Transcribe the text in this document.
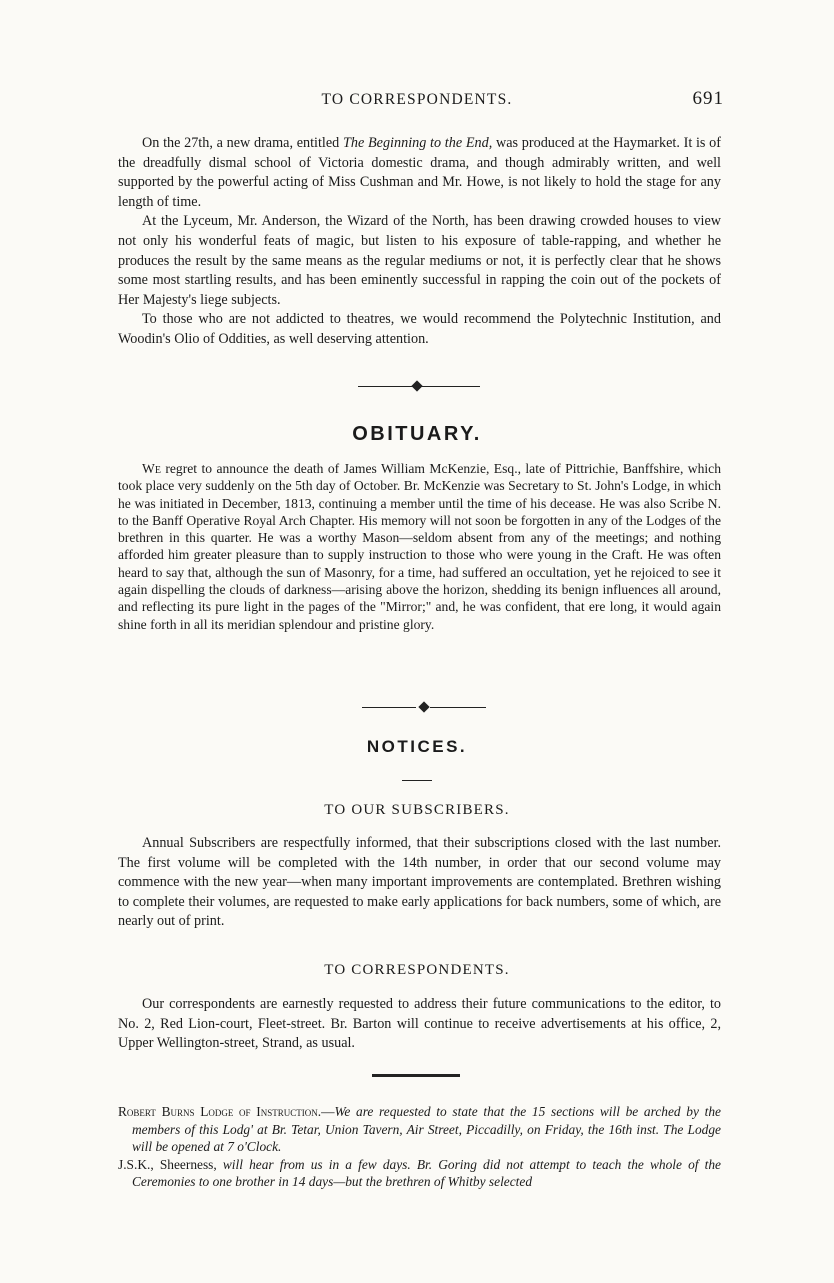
TO CORRESPONDENTS.	691

On the 27th, a new drama, entitled The Beginning to the End, was produced at the Haymarket. It is of the dreadfully dismal school of Victoria domestic drama, and though admirably written, and well supported by the powerful acting of Miss Cushman and Mr. Howe, is not likely to hold the stage for any length of time.

At the Lyceum, Mr. Anderson, the Wizard of the North, has been drawing crowded houses to view not only his wonderful feats of magic, but listen to his exposure of table-rapping, and whether he produces the result by the same means as the regular mediums or not, it is perfectly clear that he shows some most startling results, and has been eminently successful in rapping the coin out of the pockets of Her Majesty's liege subjects.

To those who are not addicted to theatres, we would recommend the Polytechnic Institution, and Woodin's Olio of Oddities, as well deserving attention.

OBITUARY.

We regret to announce the death of James William McKenzie, Esq., late of Pittrichie, Banffshire, which took place very suddenly on the 5th day of October. Br. McKenzie was Secretary to St. John's Lodge, in which he was initiated in December, 1813, continuing a member until the time of his decease. He was also Scribe N. to the Banff Operative Royal Arch Chapter. His memory will not soon be forgotten in any of the Lodges of the brethren in this quarter. He was a worthy Mason—seldom absent from any of the meetings; and nothing afforded him greater pleasure than to supply instruction to those who were young in the Craft. He was often heard to say that, although the sun of Masonry, for a time, had suffered an occultation, yet he rejoiced to see it again dispelling the clouds of darkness—arising above the horizon, shedding its benign influences all around, and reflecting its pure light in the pages of the "Mirror;" and, he was confident, that ere long, it would again shine forth in all its meridian splendour and pristine glory.

NOTICES.
TO OUR SUBSCRIBERS.

Annual Subscribers are respectfully informed, that their subscriptions closed with the last number. The first volume will be completed with the 14th number, in order that our second volume may commence with the new year—when many important improvements are contemplated. Brethren wishing to complete their volumes, are requested to make early applications for back numbers, some of which, are nearly out of print.

TO CORRESPONDENTS.

Our correspondents are earnestly requested to address their future communications to the editor, to No. 2, Red Lion-court, Fleet-street. Br. Barton will continue to receive advertisements at his office, 2, Upper Wellington-street, Strand, as usual.

Robert Burns Lodge of Instruction.—We are requested to state that the 15 sections will be arched by the members of this Lodg' at Br. Tetar, Union Tavern, Air Street, Piccadilly, on Friday, the 16th inst. The Lodge will be opened at 7 o'Clock.

J.S.K., Sheerness, will hear from us in a few days. Br. Goring did not attempt to teach the whole of the Ceremonies to one brother in 14 days—but the brethren of Whitby selected
